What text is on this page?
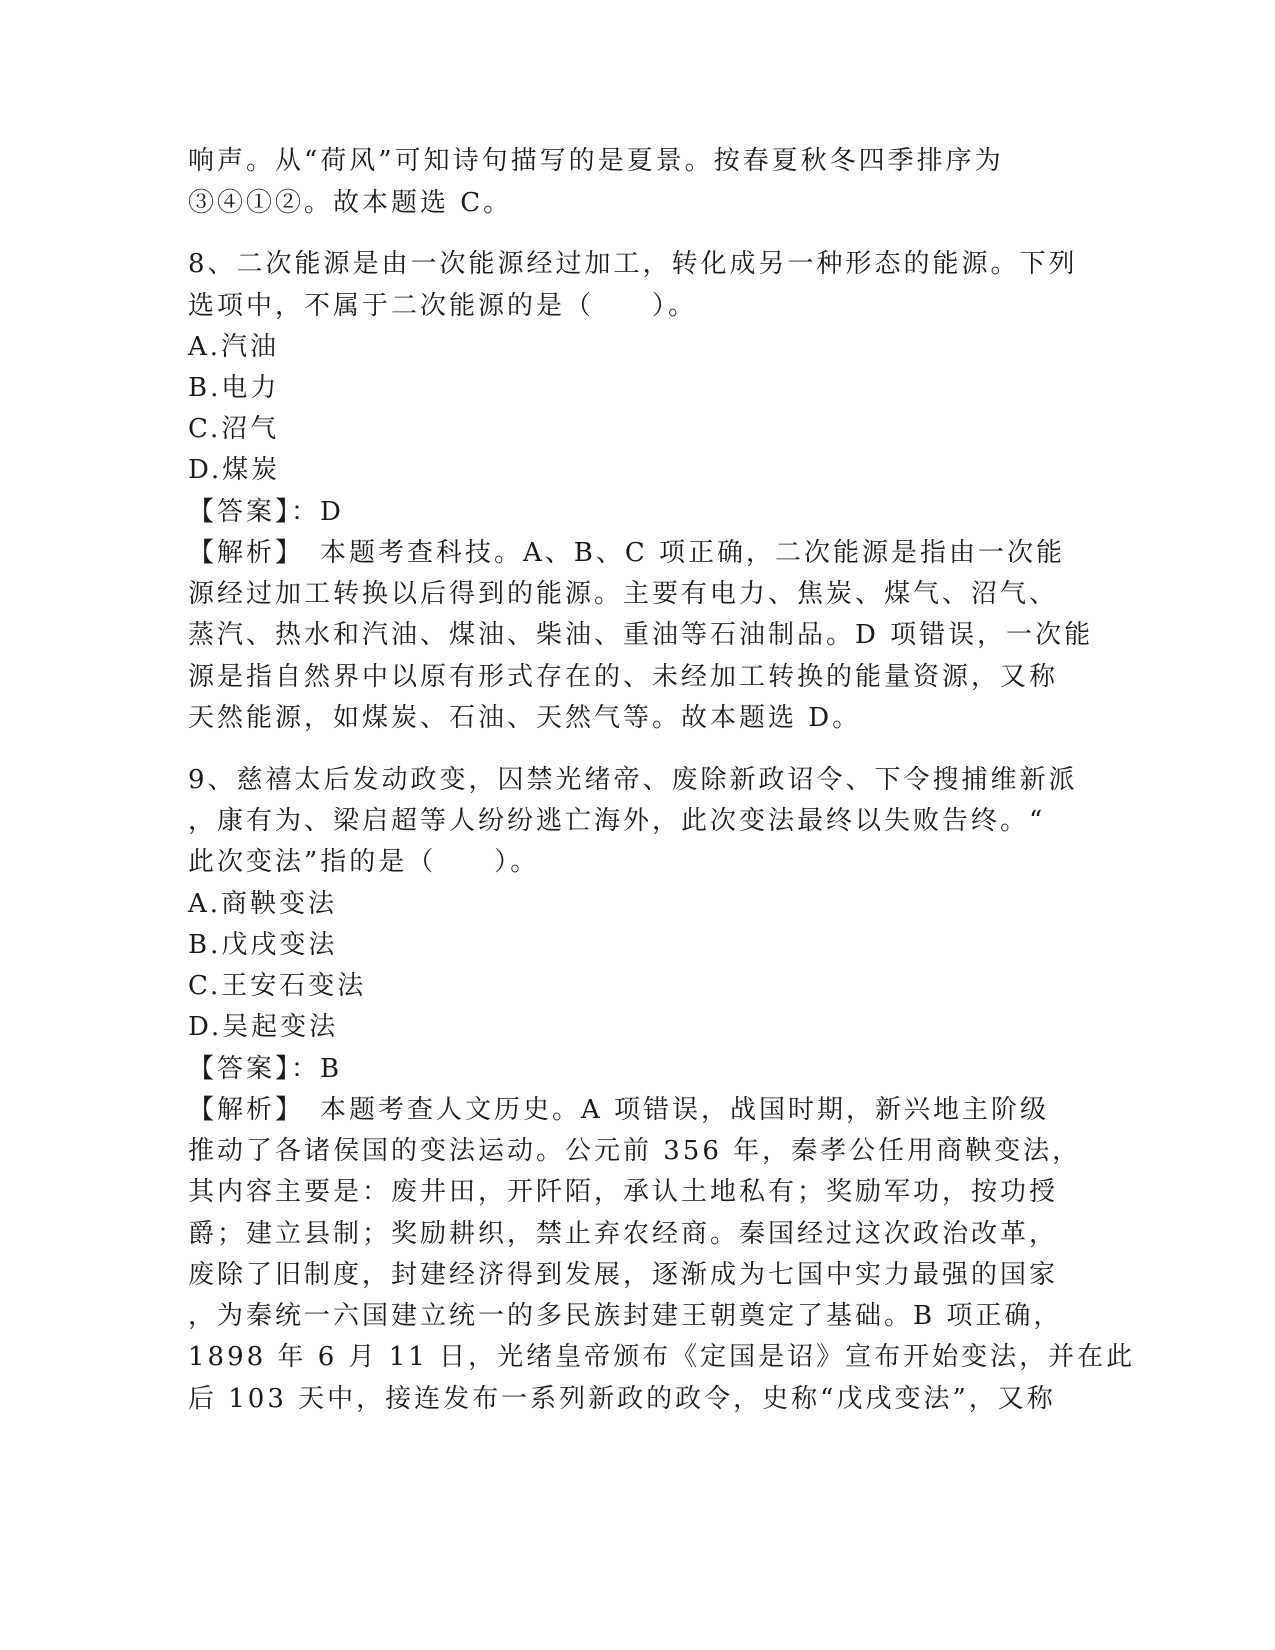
响声。从“荷风”可知诗句描写的是夏景。按春夏秋冬四季排序为
③④①②。故本题选 C。
8、二次能源是由一次能源经过加工，转化成另一种形态的能源。下列
选项中，不属于二次能源的是（　　）。
A.汽油
B.电力
C.沼气
D.煤炭
【答案】：D
【解析】　本题考查科技。A、B、C 项正确，二次能源是指由一次能
源经过加工转换以后得到的能源。主要有电力、焦炭、煤气、沼气、
蒸汽、热水和汽油、煤油、柴油、重油等石油制品。D 项错误，一次能
源是指自然界中以原有形式存在的、未经加工转换的能量资源，又称
天然能源，如煤炭、石油、天然气等。故本题选 D。
9、慈禧太后发动政变，囚禁光绪帝、废除新政诏令、下令搜捕维新派
，康有为、梁启超等人纷纷逃亡海外，此次变法最终以失败告终。“
此次变法”指的是（　　）。
A.商鞅变法
B.戊戌变法
C.王安石变法
D.吴起变法
【答案】：B
【解析】　本题考查人文历史。A 项错误，战国时期，新兴地主阶级
推动了各诸侯国的变法运动。公元前 356 年，秦孝公任用商鞅变法，
其内容主要是：废井田，开阡陌，承认土地私有；奖励军功，按功授
爵；建立县制；奖励耕织，禁止弃农经商。秦国经过这次政治改革，
废除了旧制度，封建经济得到发展，逐渐成为七国中实力最强的国家
，为秦统一六国建立统一的多民族封建王朝奠定了基础。B 项正确，
1898 年 6 月 11 日，光绪皇帝颁布《定国是诏》宣布开始变法，并在此
后 103 天中，接连发布一系列新政的政令，史称“戊戌变法”，又称
